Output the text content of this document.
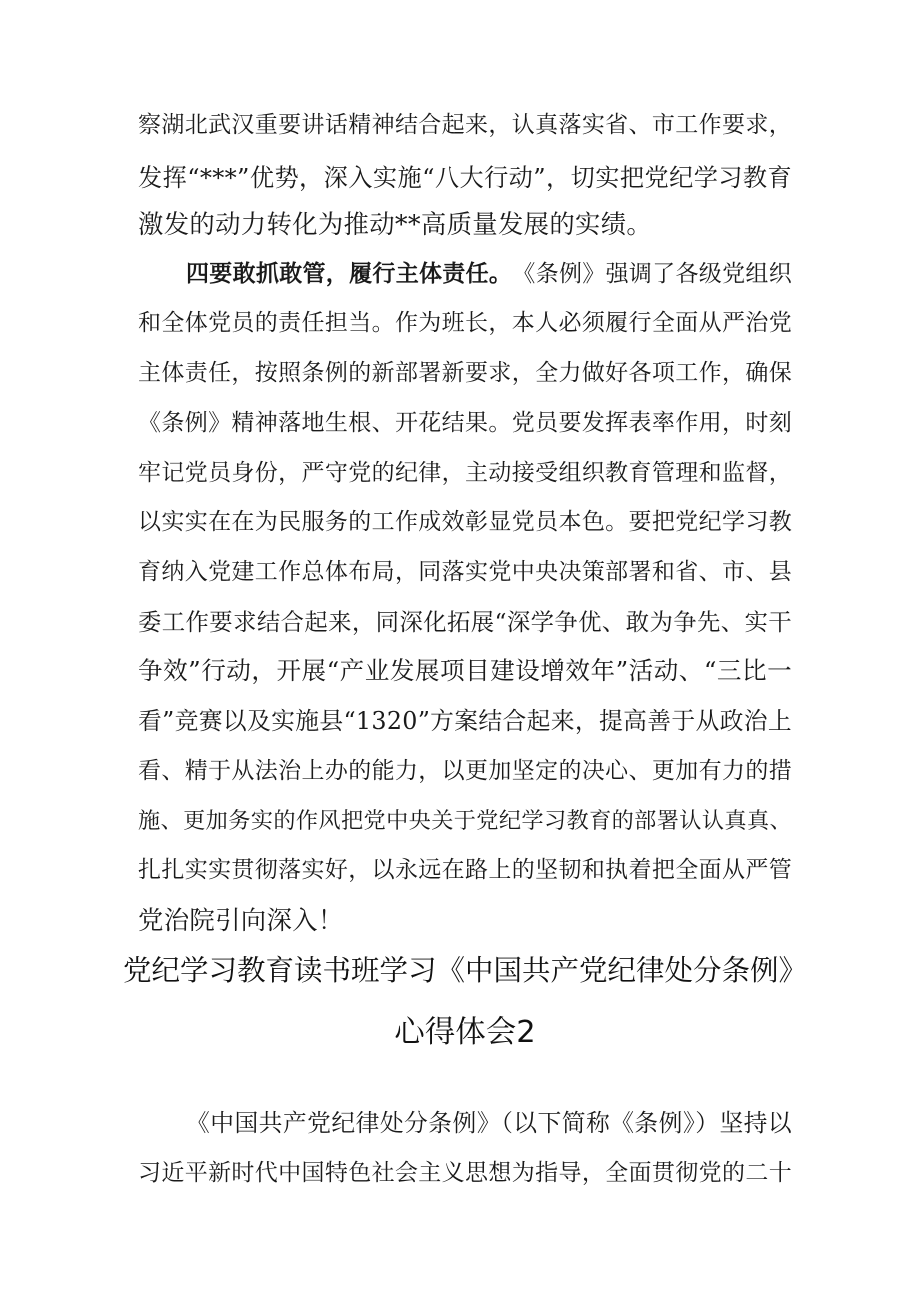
察湖北武汉重要讲话精神结合起来，认真落实省、市工作要求，
发挥“***”优势，深入实施“八大行动”，切实把党纪学习教育
激发的动力转化为推动**高质量发展的实绩。
四要敢抓敢管，履行主体责任。 《条例》强调了各级党组织
和全体党员的责任担当。作为班长，本人必须履行全面从严治党
主体责任，按照条例的新部署新要求，全力做好各项工作，确保
《条例》精神落地生根、开花结果。党员要发挥表率作用，时刻
牢记党员身份，严守党的纪律，主动接受组织教育管理和监督，
以实实在在为民服务的工作成效彰显党员本色。要把党纪学习教
育纳入党建工作总体布局，同落实党中央决策部署和省、市、县
委工作要求结合起来，同深化拓展“深学争优、敢为争先、实干
争效”行动，开展“产业发展项目建设增效年”活动、“三比一
看”竞赛以及实施县“1320”方案结合起来，提高善于从政治上
看、精于从法治上办的能力，以更加坚定的决心、更加有力的措
施、更加务实的作风把党中央关于党纪学习教育的部署认认真真、
扎扎实实贯彻落实好，以永远在路上的坚韧和执着把全面从严管
党治院引向深入！
党纪学习教育读书班学习《中国共产党纪律处分条例》
心得体会2
《中国共产党纪律处分条例》（以下简称《条例》）坚持以
习近平新时代中国特色社会主义思想为指导，全面贯彻党的二十
